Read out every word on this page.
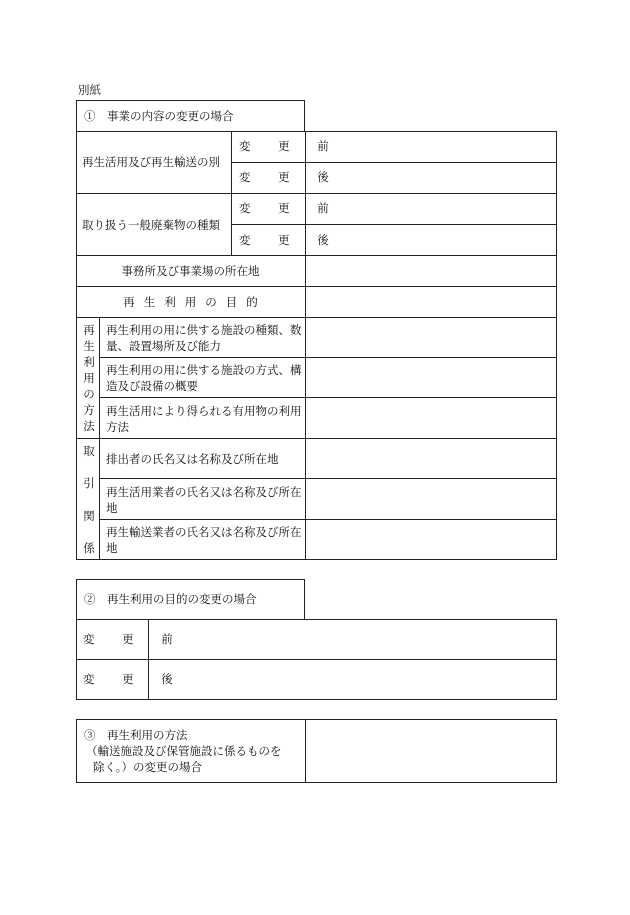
別紙
①　事業の内容の変更の場合
再生活用及び再生輸送の別
変 更 前
変 更 後
取り扱う一般廃棄物の種類
変 更 前
変 更 後
事務所及び事業場の所在地
再生利用の目的
再
生
利
用
の
方
法
再生利用の用に供する施設の種類、数量、設置場所及び能力
再生利用の用に供する施設の方式、構造及び設備の概要
再生活用により得られる有用物の利用方法
取
引
関
係
排出者の氏名又は名称及び所在地
再生活用業者の氏名又は名称及び所在地
再生輸送業者の氏名又は名称及び所在地
②　再生利用の目的の変更の場合
変 更 前
変 更 後
③　再生利用の方法
（輸送施設及び保管施設に係るものを
除く。）の変更の場合
